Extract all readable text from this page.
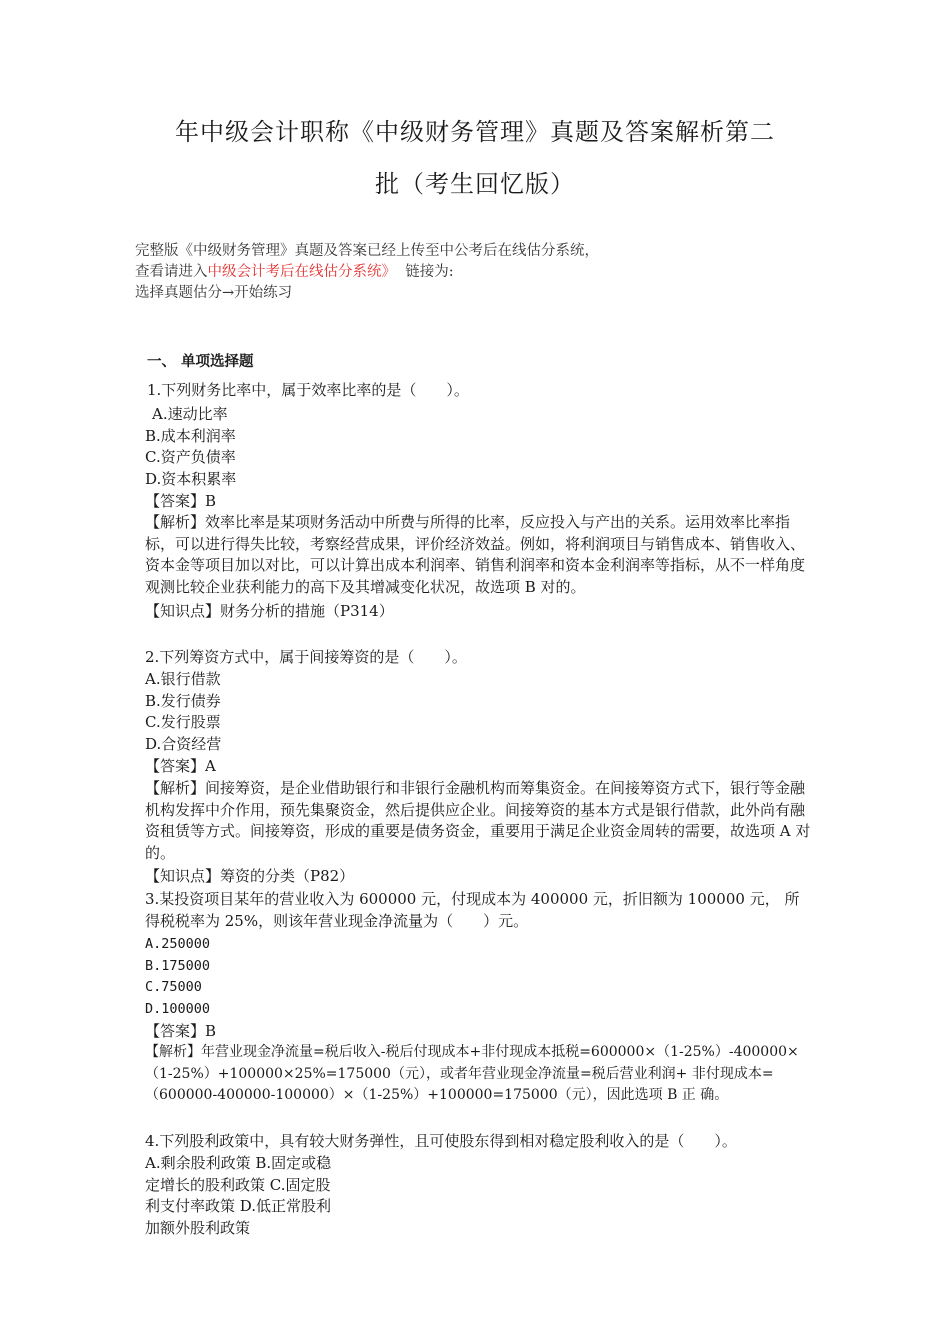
年中级会计职称《中级财务管理》真题及答案解析第二
批（考生回忆版）
完整版《中级财务管理》真题及答案已经上传至中公考后在线估分系统，
查看请进入中级会计考后在线估分系统》  链接为:
选择真题估分→开始练习
一、 单项选择题
1.下列财务比率中，属于效率比率的是（　　）。
A.速动比率
B.成本利润率
C.资产负债率
D.资本积累率
【答案】B
【解析】效率比率是某项财务活动中所费与所得的比率，反应投入与产出的关系。运用效率比率指标，可以进行得失比较，考察经营成果，评价经济效益。例如，将利润项目与销售成本、销售收入、资本金等项目加以对比，可以计算出成本利润率、销售利润率和资本金利润率等指标，从不一样角度观测比较企业获利能力的高下及其增减变化状况，故选项 B 对的。
【知识点】财务分析的措施（P314）
2.下列筹资方式中，属于间接筹资的是（　　）。
A.银行借款
B.发行债券
C.发行股票
D.合资经营
【答案】A
【解析】间接筹资，是企业借助银行和非银行金融机构而筹集资金。在间接筹资方式下，银行等金融机构发挥中介作用，预先集聚资金，然后提供应企业。间接筹资的基本方式是银行借款，此外尚有融资租赁等方式。间接筹资，形成的重要是债务资金，重要用于满足企业资金周转的需要，故选项 A 对的。
【知识点】筹资的分类（P82）
3.某投资项目某年的营业收入为 600000 元，付现成本为 400000 元，折旧额为 100000 元， 所得税税率为 25%，则该年营业现金净流量为（　　）元。
A.250000
B.175000
C.75000
D.100000
【答案】B
【解析】年营业现金净流量=税后收入-税后付现成本+非付现成本抵税=600000×（1-25%）-400000×（1-25%）+100000×25%=175000（元），或者年营业现金净流量=税后营业利润+ 非付现成本=（600000-400000-100000）×（1-25%）+100000=175000（元），因此选项 B 正 确。
4.下列股利政策中，具有较大财务弹性，且可使股东得到相对稳定股利收入的是（　　）。
A.剩余股利政策 B.固定或稳
定增长的股利政策 C.固定股
利支付率政策 D.低正常股利
加额外股利政策
